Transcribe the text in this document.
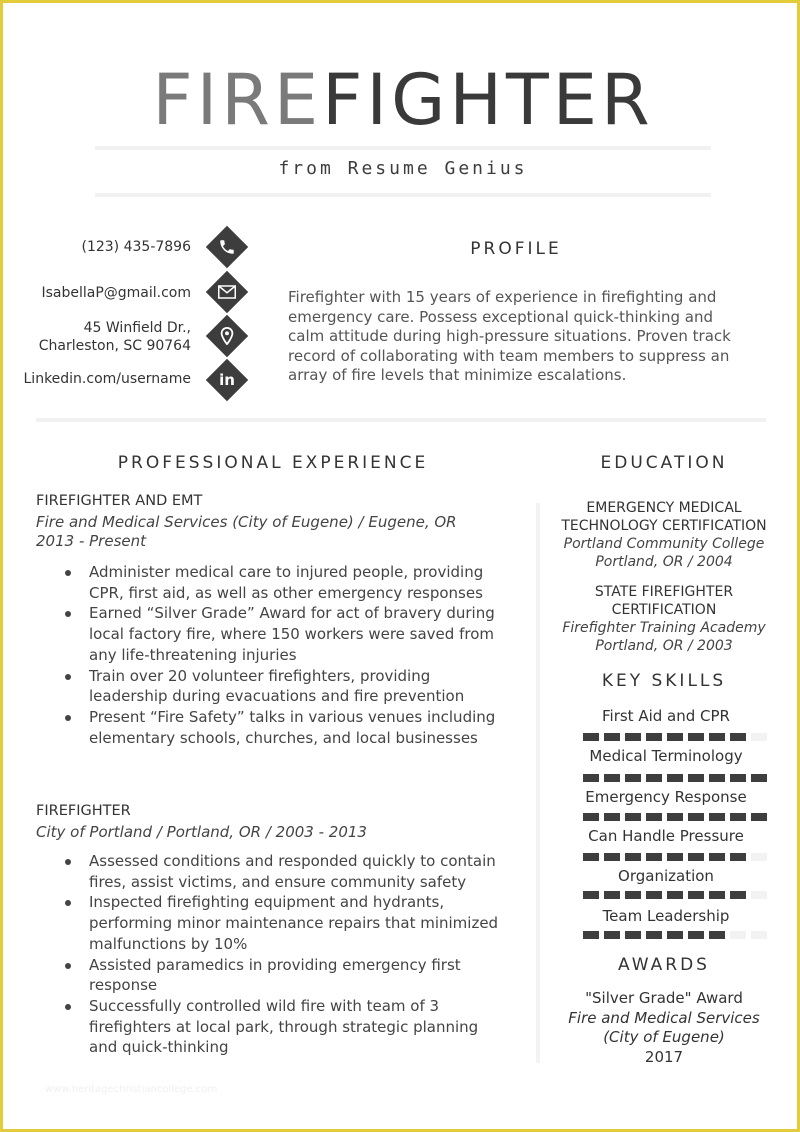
FIREFIGHTER
from Resume Genius
(123) 435-7896
IsabellaP@gmail.com
45 Winfield Dr.,
Charleston, SC 90764
Linkedin.com/username in
PROFILE
Firefighter with 15 years of experience in firefighting and emergency care. Possess exceptional quick-thinking and calm attitude during high-pressure situations. Proven track record of collaborating with team members to suppress an array of fire levels that minimize escalations.
PROFESSIONAL EXPERIENCE
FIREFIGHTER AND EMT
Fire and Medical Services (City of Eugene) / Eugene, OR
2013 - Present
Administer medical care to injured people, providing CPR, first aid, as well as other emergency responses
Earned “Silver Grade” Award for act of bravery during local factory fire, where 150 workers were saved from any life-threatening injuries
Train over 20 volunteer firefighters, providing leadership during evacuations and fire prevention
Present “Fire Safety” talks in various venues including elementary schools, churches, and local businesses
FIREFIGHTER
City of Portland / Portland, OR / 2003 - 2013
Assessed conditions and responded quickly to contain fires, assist victims, and ensure community safety
Inspected firefighting equipment and hydrants, performing minor maintenance repairs that minimized malfunctions by 10%
Assisted paramedics in providing emergency first response
Successfully controlled wild fire with team of 3 firefighters at local park, through strategic planning and quick-thinking
EDUCATION
EMERGENCY MEDICAL
TECHNOLOGY CERTIFICATION
Portland Community College
Portland, OR / 2004
STATE FIREFIGHTER
CERTIFICATION
Firefighter Training Academy
Portland, OR / 2003
KEY SKILLS
First Aid and CPR
Medical Terminology
Emergency Response
Can Handle Pressure
Organization
Team Leadership
AWARDS
"Silver Grade" Award
Fire and Medical Services
(City of Eugene)
2017
www.heritagechristiancollege.com
